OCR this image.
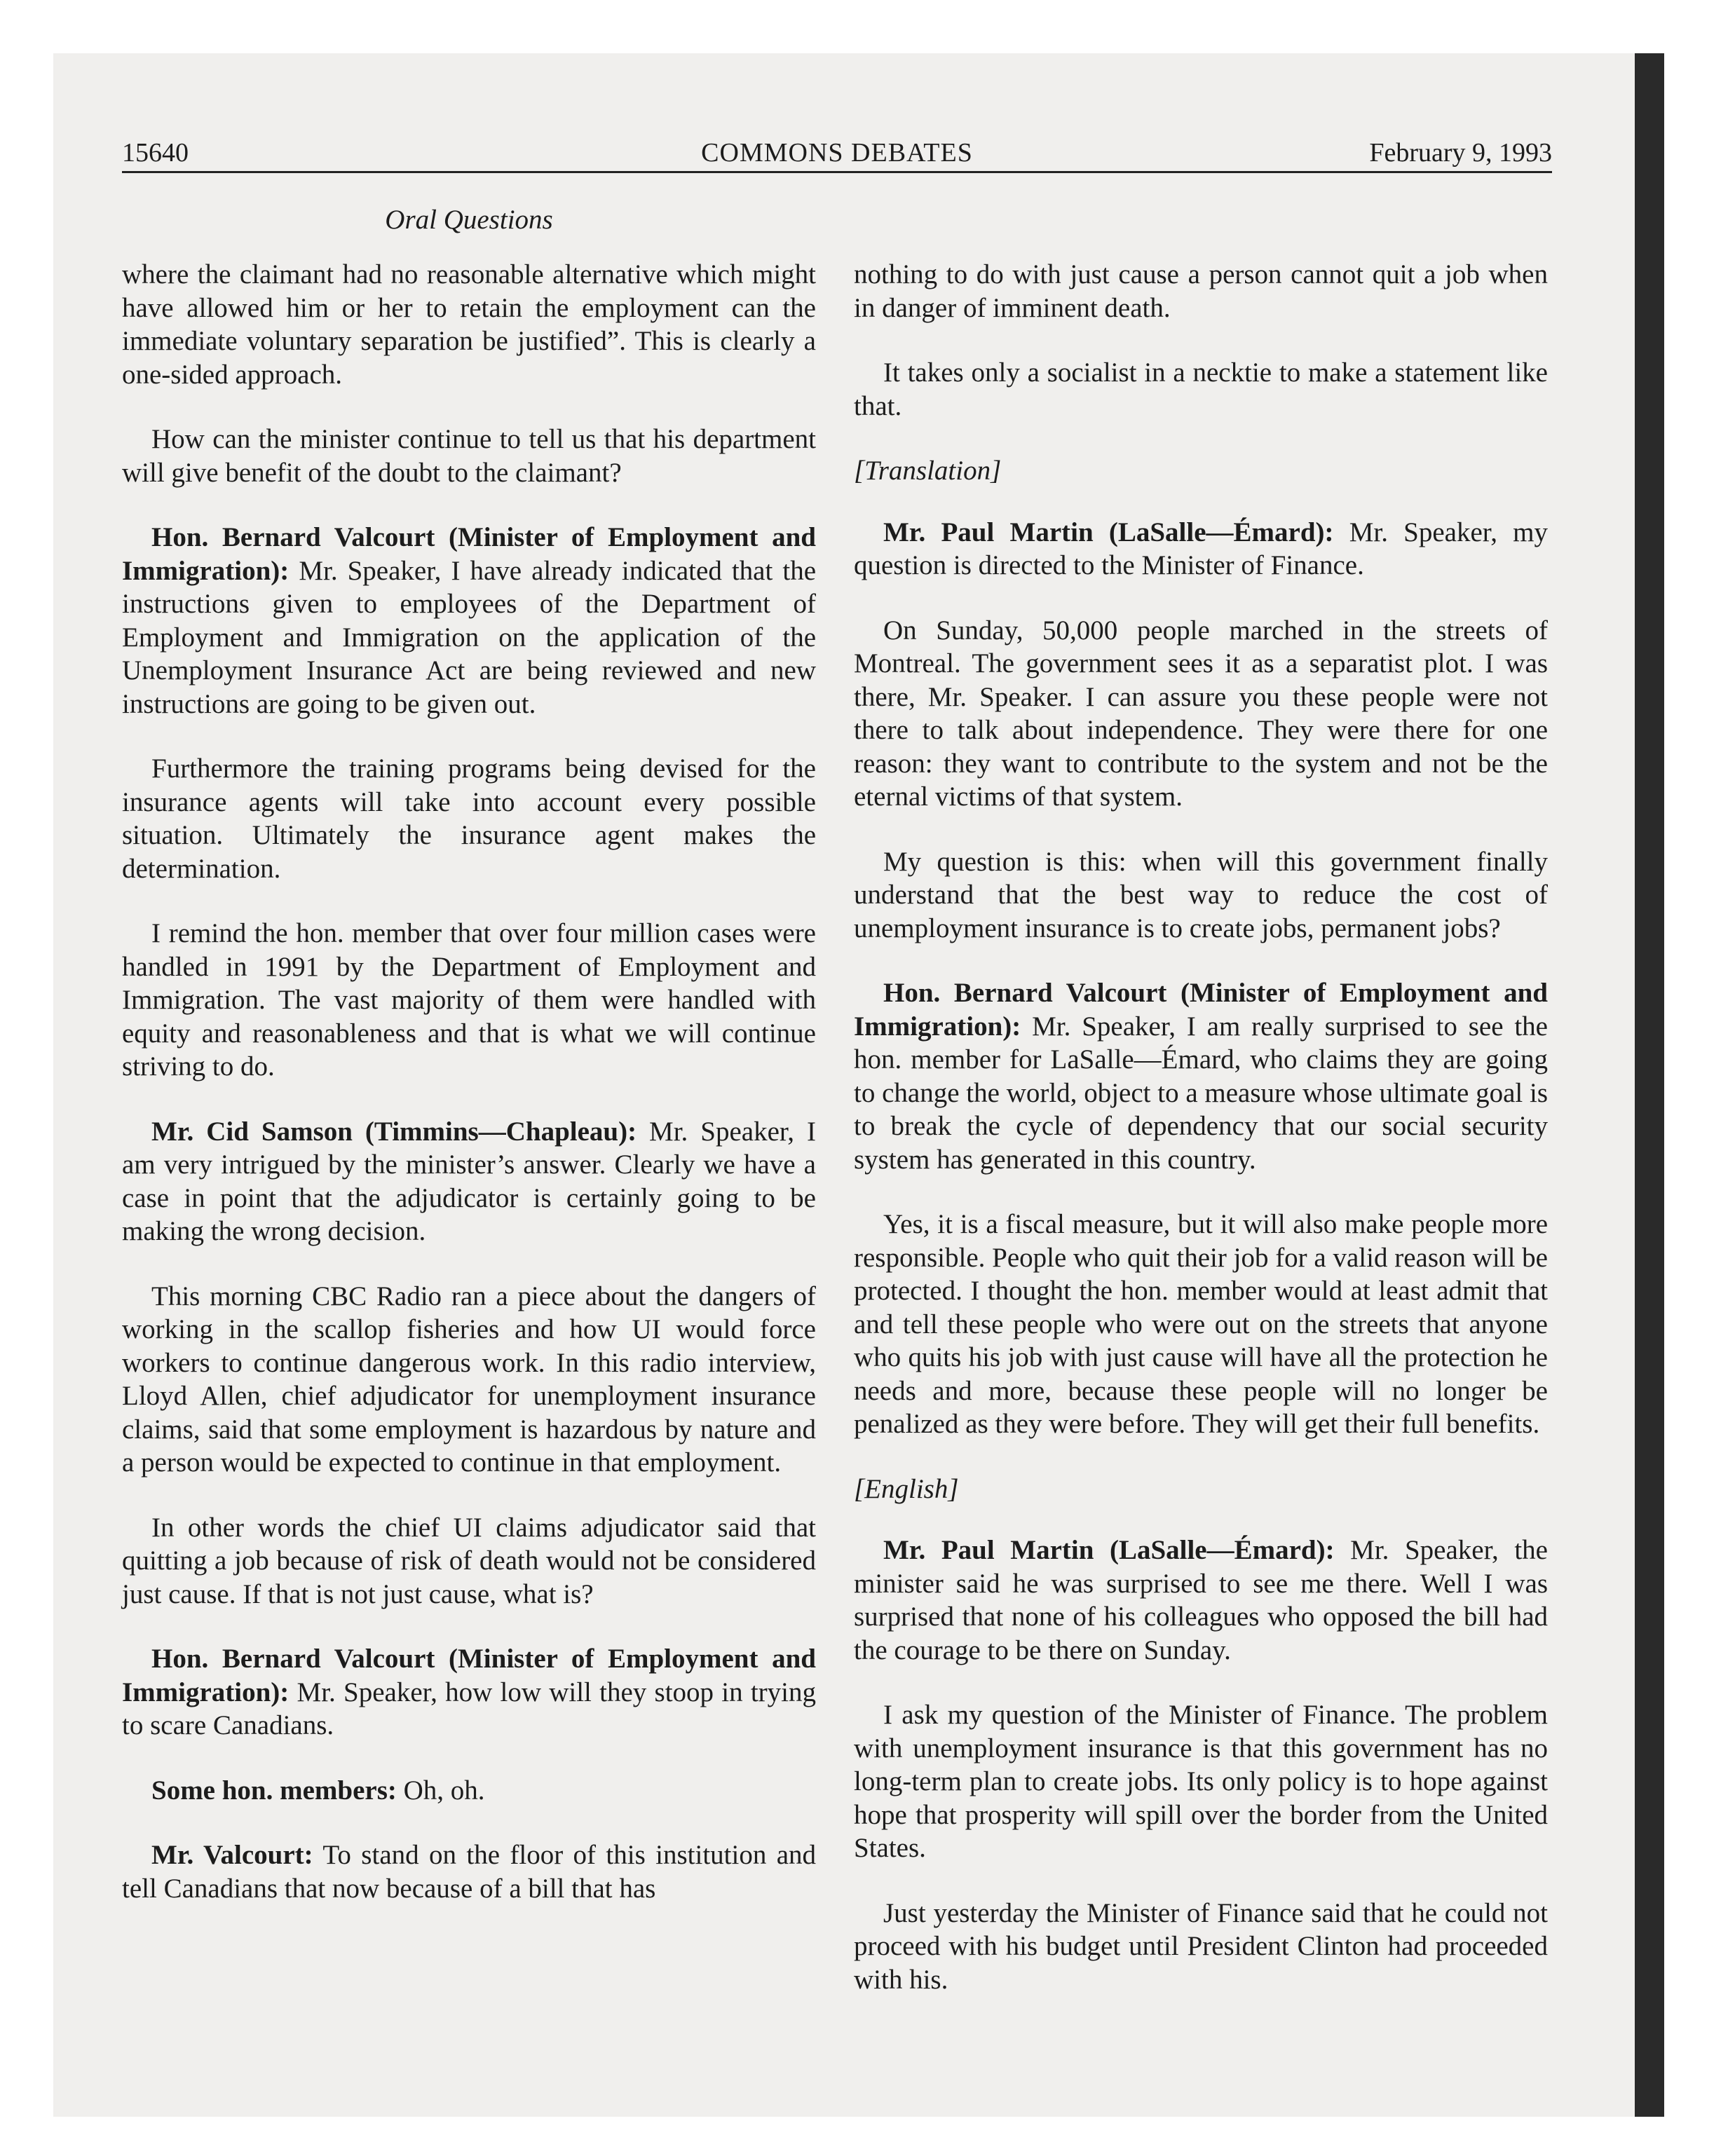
15640	COMMONS DEBATES	February 9, 1993
Oral Questions

where the claimant had no reasonable alternative which might have allowed him or her to retain the employment can the immediate voluntary separation be justified”. This is clearly a one-sided approach.

How can the minister continue to tell us that his department will give benefit of the doubt to the claimant?

Hon. Bernard Valcourt (Minister of Employment and Immigration): Mr. Speaker, I have already indicated that the instructions given to employees of the Department of Employment and Immigration on the application of the Unemployment Insurance Act are being reviewed and new instructions are going to be given out.

Furthermore the training programs being devised for the insurance agents will take into account every possible situation. Ultimately the insurance agent makes the determination.

I remind the hon. member that over four million cases were handled in 1991 by the Department of Employment and Immigration. The vast majority of them were handled with equity and reasonableness and that is what we will continue striving to do.

Mr. Cid Samson (Timmins—Chapleau): Mr. Speaker, I am very intrigued by the minister’s answer. Clearly we have a case in point that the adjudicator is certainly going to be making the wrong decision.

This morning CBC Radio ran a piece about the dangers of working in the scallop fisheries and how UI would force workers to continue dangerous work. In this radio interview, Lloyd Allen, chief adjudicator for unemployment insurance claims, said that some employment is hazardous by nature and a person would be expected to continue in that employment.

In other words the chief UI claims adjudicator said that quitting a job because of risk of death would not be considered just cause. If that is not just cause, what is?

Hon. Bernard Valcourt (Minister of Employment and Immigration): Mr. Speaker, how low will they stoop in trying to scare Canadians.

Some hon. members: Oh, oh.

Mr. Valcourt: To stand on the floor of this institution and tell Canadians that now because of a bill that has

nothing to do with just cause a person cannot quit a job when in danger of imminent death.

It takes only a socialist in a necktie to make a statement like that.

[Translation]

Mr. Paul Martin (LaSalle—Émard): Mr. Speaker, my question is directed to the Minister of Finance.

On Sunday, 50,000 people marched in the streets of Montreal. The government sees it as a separatist plot. I was there, Mr. Speaker. I can assure you these people were not there to talk about independence. They were there for one reason: they want to contribute to the system and not be the eternal victims of that system.

My question is this: when will this government finally understand that the best way to reduce the cost of unemployment insurance is to create jobs, permanent jobs?

Hon. Bernard Valcourt (Minister of Employment and Immigration): Mr. Speaker, I am really surprised to see the hon. member for LaSalle—Émard, who claims they are going to change the world, object to a measure whose ultimate goal is to break the cycle of dependency that our social security system has generated in this country.

Yes, it is a fiscal measure, but it will also make people more responsible. People who quit their job for a valid reason will be protected. I thought the hon. member would at least admit that and tell these people who were out on the streets that anyone who quits his job with just cause will have all the protection he needs and more, because these people will no longer be penalized as they were before. They will get their full benefits.

[English]

Mr. Paul Martin (LaSalle—Émard): Mr. Speaker, the minister said he was surprised to see me there. Well I was surprised that none of his colleagues who opposed the bill had the courage to be there on Sunday.

I ask my question of the Minister of Finance. The problem with unemployment insurance is that this government has no long-term plan to create jobs. Its only policy is to hope against hope that prosperity will spill over the border from the United States.

Just yesterday the Minister of Finance said that he could not proceed with his budget until President Clinton had proceeded with his.
